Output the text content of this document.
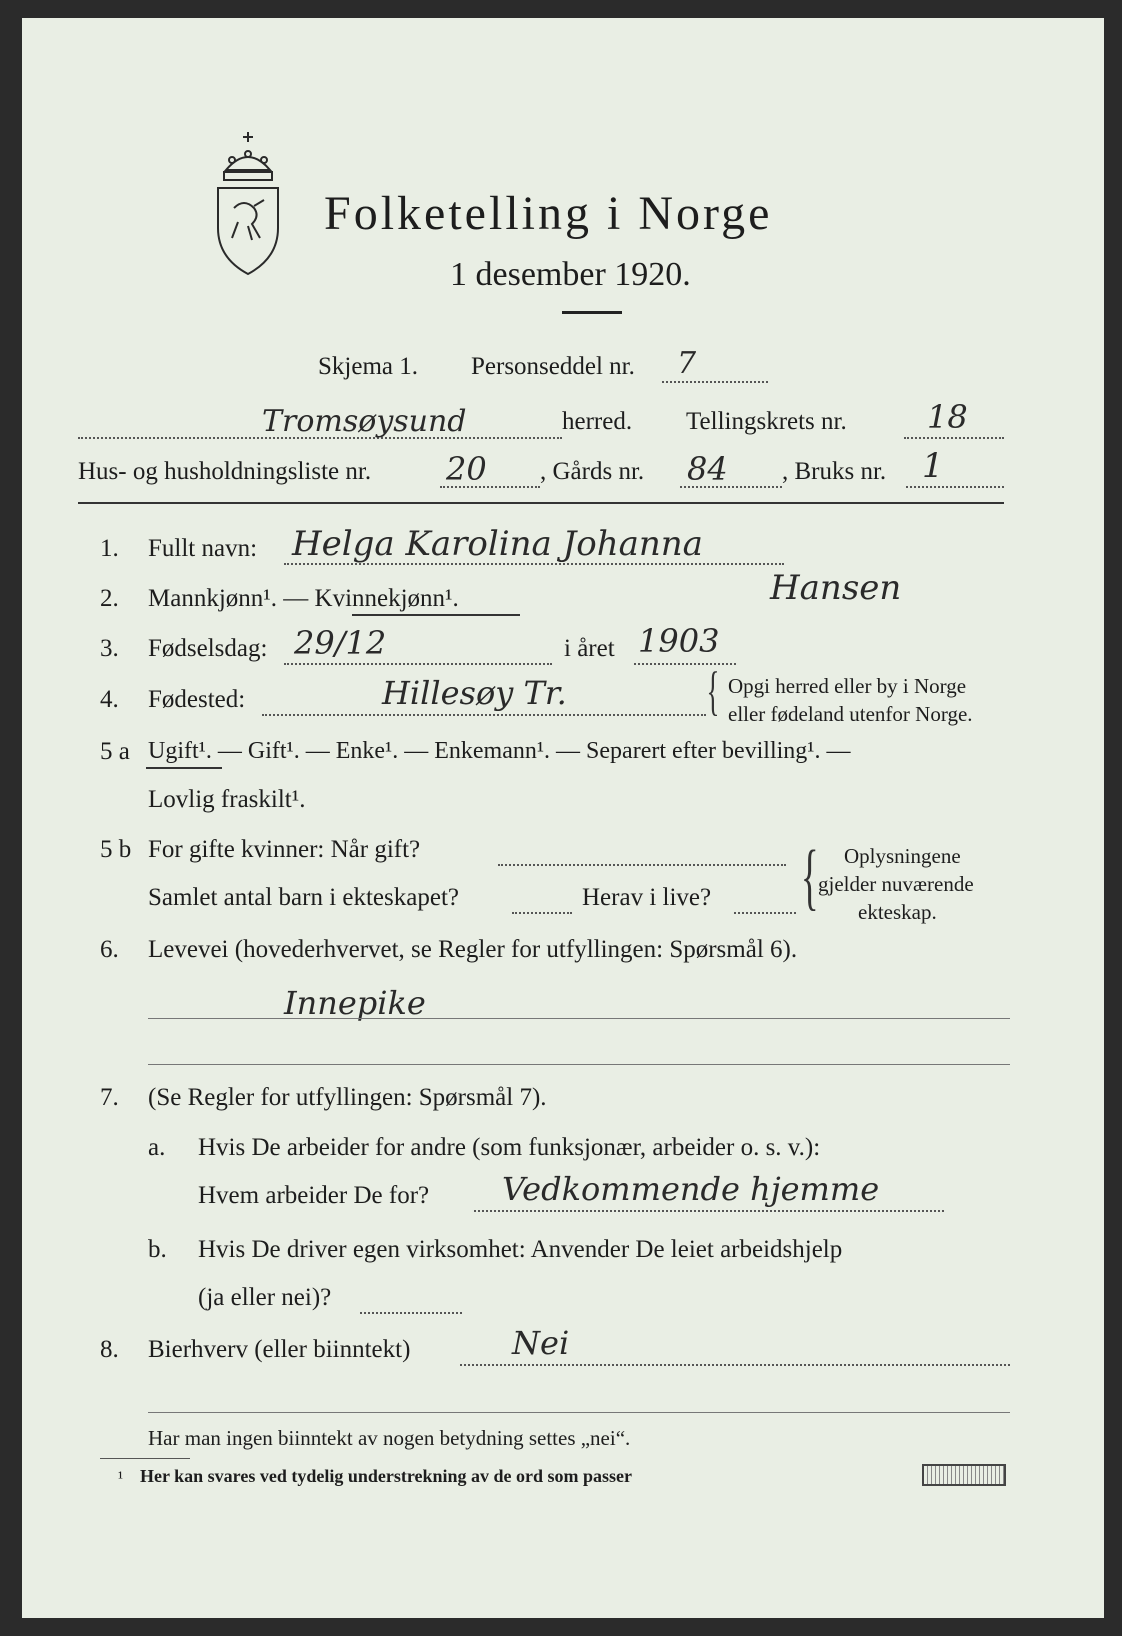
Folketelling i Norge
1 desember 1920.
Skjema 1. Personseddel nr. 7
Tromsøysund	herred. Tellingskrets nr.	18
Hus- og husholdningsliste nr. 20 , Gårds nr. 84 , Bruks nr. 1
1. Fullt navn: Helga Karolina Johanna
Hansen
2. Mannkjønn¹. — Kvinnekjønn¹.
3. Fødselsdag: 29/12	i året 1903
4. Fødested:	Hillesøy Tr.	{ Opgi herred eller by i Norge
eller fødeland utenfor Norge.
5 a Ugift¹. — Gift¹. — Enke¹. — Enkemann¹. — Separert efter bevilling¹. —
Lovlig fraskilt¹.
5 b For gifte kvinner: Når gift?
Samlet antal barn i ekteskapet?	Herav i live? { Oplysningene
gjelder nuværende
ekteskap.
6. Levevei (hovederhvervet, se Regler for utfyllingen: Spørsmål 6).
Innepike
7. (Se Regler for utfyllingen: Spørsmål 7).
a. Hvis De arbeider for andre (som funksjonær, arbeider o. s. v.):
Hvem arbeider De for? Vedkommende hjemme
b. Hvis De driver egen virksomhet: Anvender De leiet arbeidshjelp
(ja eller nei)?
8. Bierhverv (eller biinntekt)	Nei
Har man ingen biinntekt av nogen betydning settes „nei“.
¹ Her kan svares ved tydelig understrekning av de ord som passer
